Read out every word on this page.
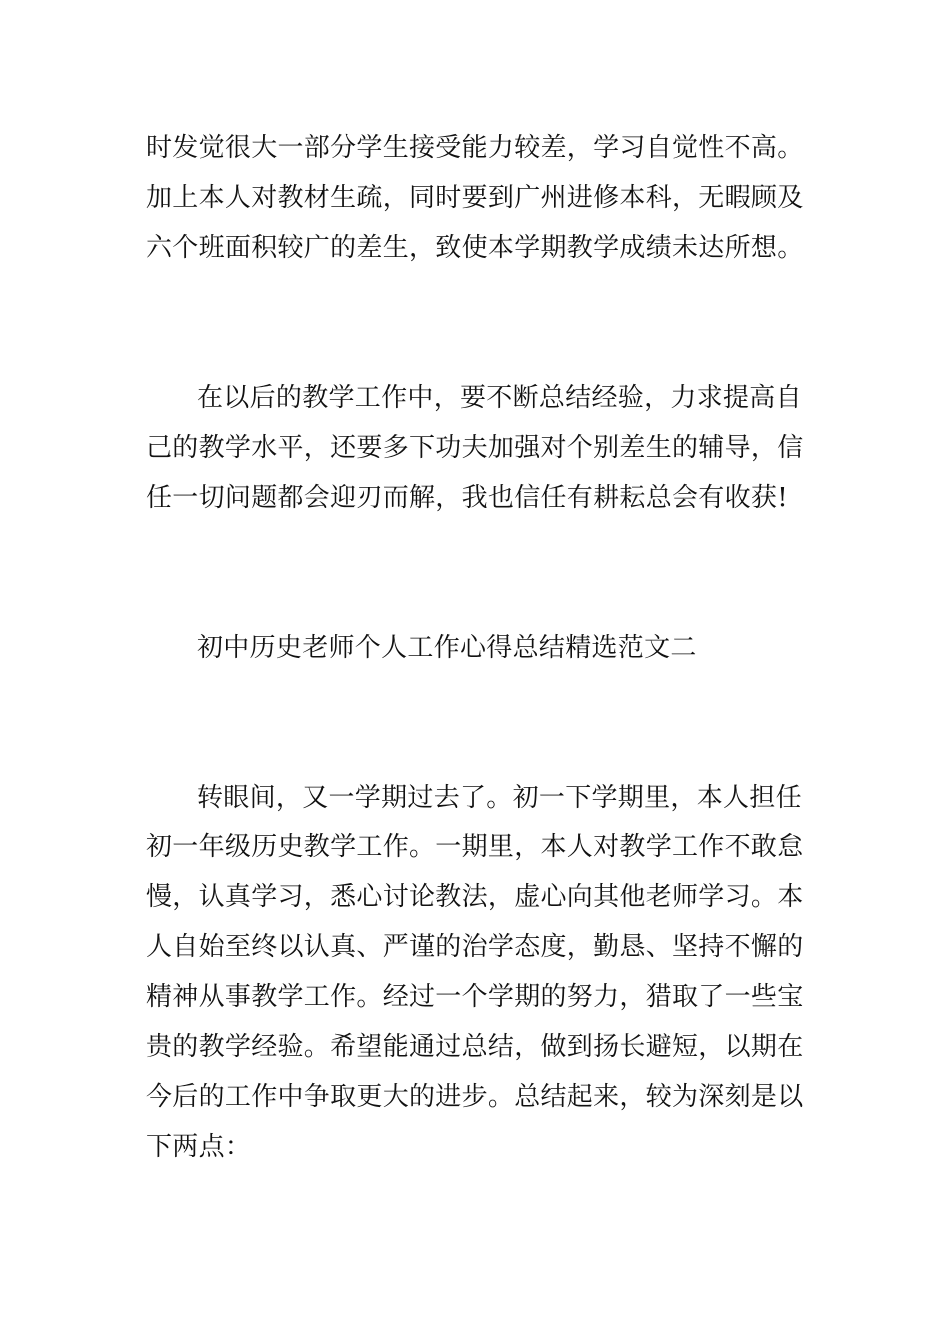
时发觉很大一部分学生接受能力较差，学习自觉性不高。
加上本人对教材生疏，同时要到广州进修本科，无暇顾及
六个班面积较广的差生，致使本学期教学成绩未达所想。
在以后的教学工作中，要不断总结经验，力求提高自
己的教学水平，还要多下功夫加强对个别差生的辅导，信
任一切问题都会迎刃而解，我也信任有耕耘总会有收获!
初中历史老师个人工作心得总结精选范文二
转眼间，又一学期过去了。初一下学期里，本人担任
初一年级历史教学工作。一期里，本人对教学工作不敢怠
慢，认真学习，悉心讨论教法，虚心向其他老师学习。本
人自始至终以认真、严谨的治学态度，勤恳、坚持不懈的
精神从事教学工作。经过一个学期的努力，猎取了一些宝
贵的教学经验。希望能通过总结，做到扬长避短，以期在
今后的工作中争取更大的进步。总结起来，较为深刻是以
下两点：
